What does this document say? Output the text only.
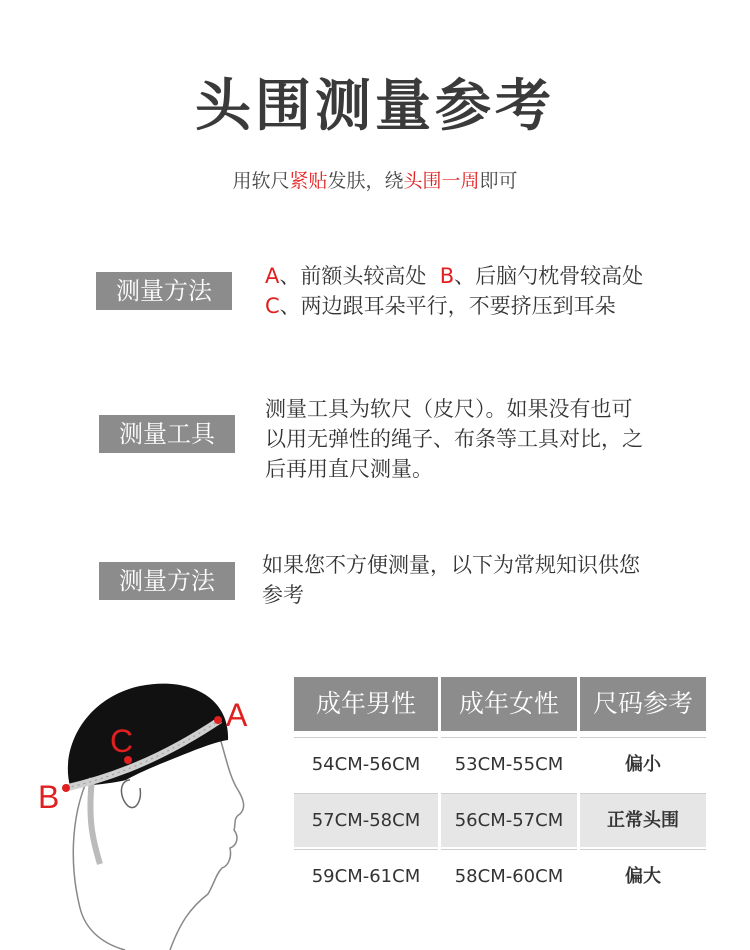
头围测量参考
用软尺紧贴发肤，绕头围一周即可
测量方法
A、前额头较高处  B、后脑勺枕骨较高处
C、两边跟耳朵平行，不要挤压到耳朵
测量工具
测量工具为软尺（皮尺）。如果没有也可
以用无弹性的绳子、布条等工具对比，之
后再用直尺测量。
测量方法
如果您不方便测量，以下为常规知识供您
参考
A
B
C
成年男性	成年女性	尺码参考
54CM-56CM	53CM-55CM	偏小
57CM-58CM	56CM-57CM	正常头围
59CM-61CM	58CM-60CM	偏大
